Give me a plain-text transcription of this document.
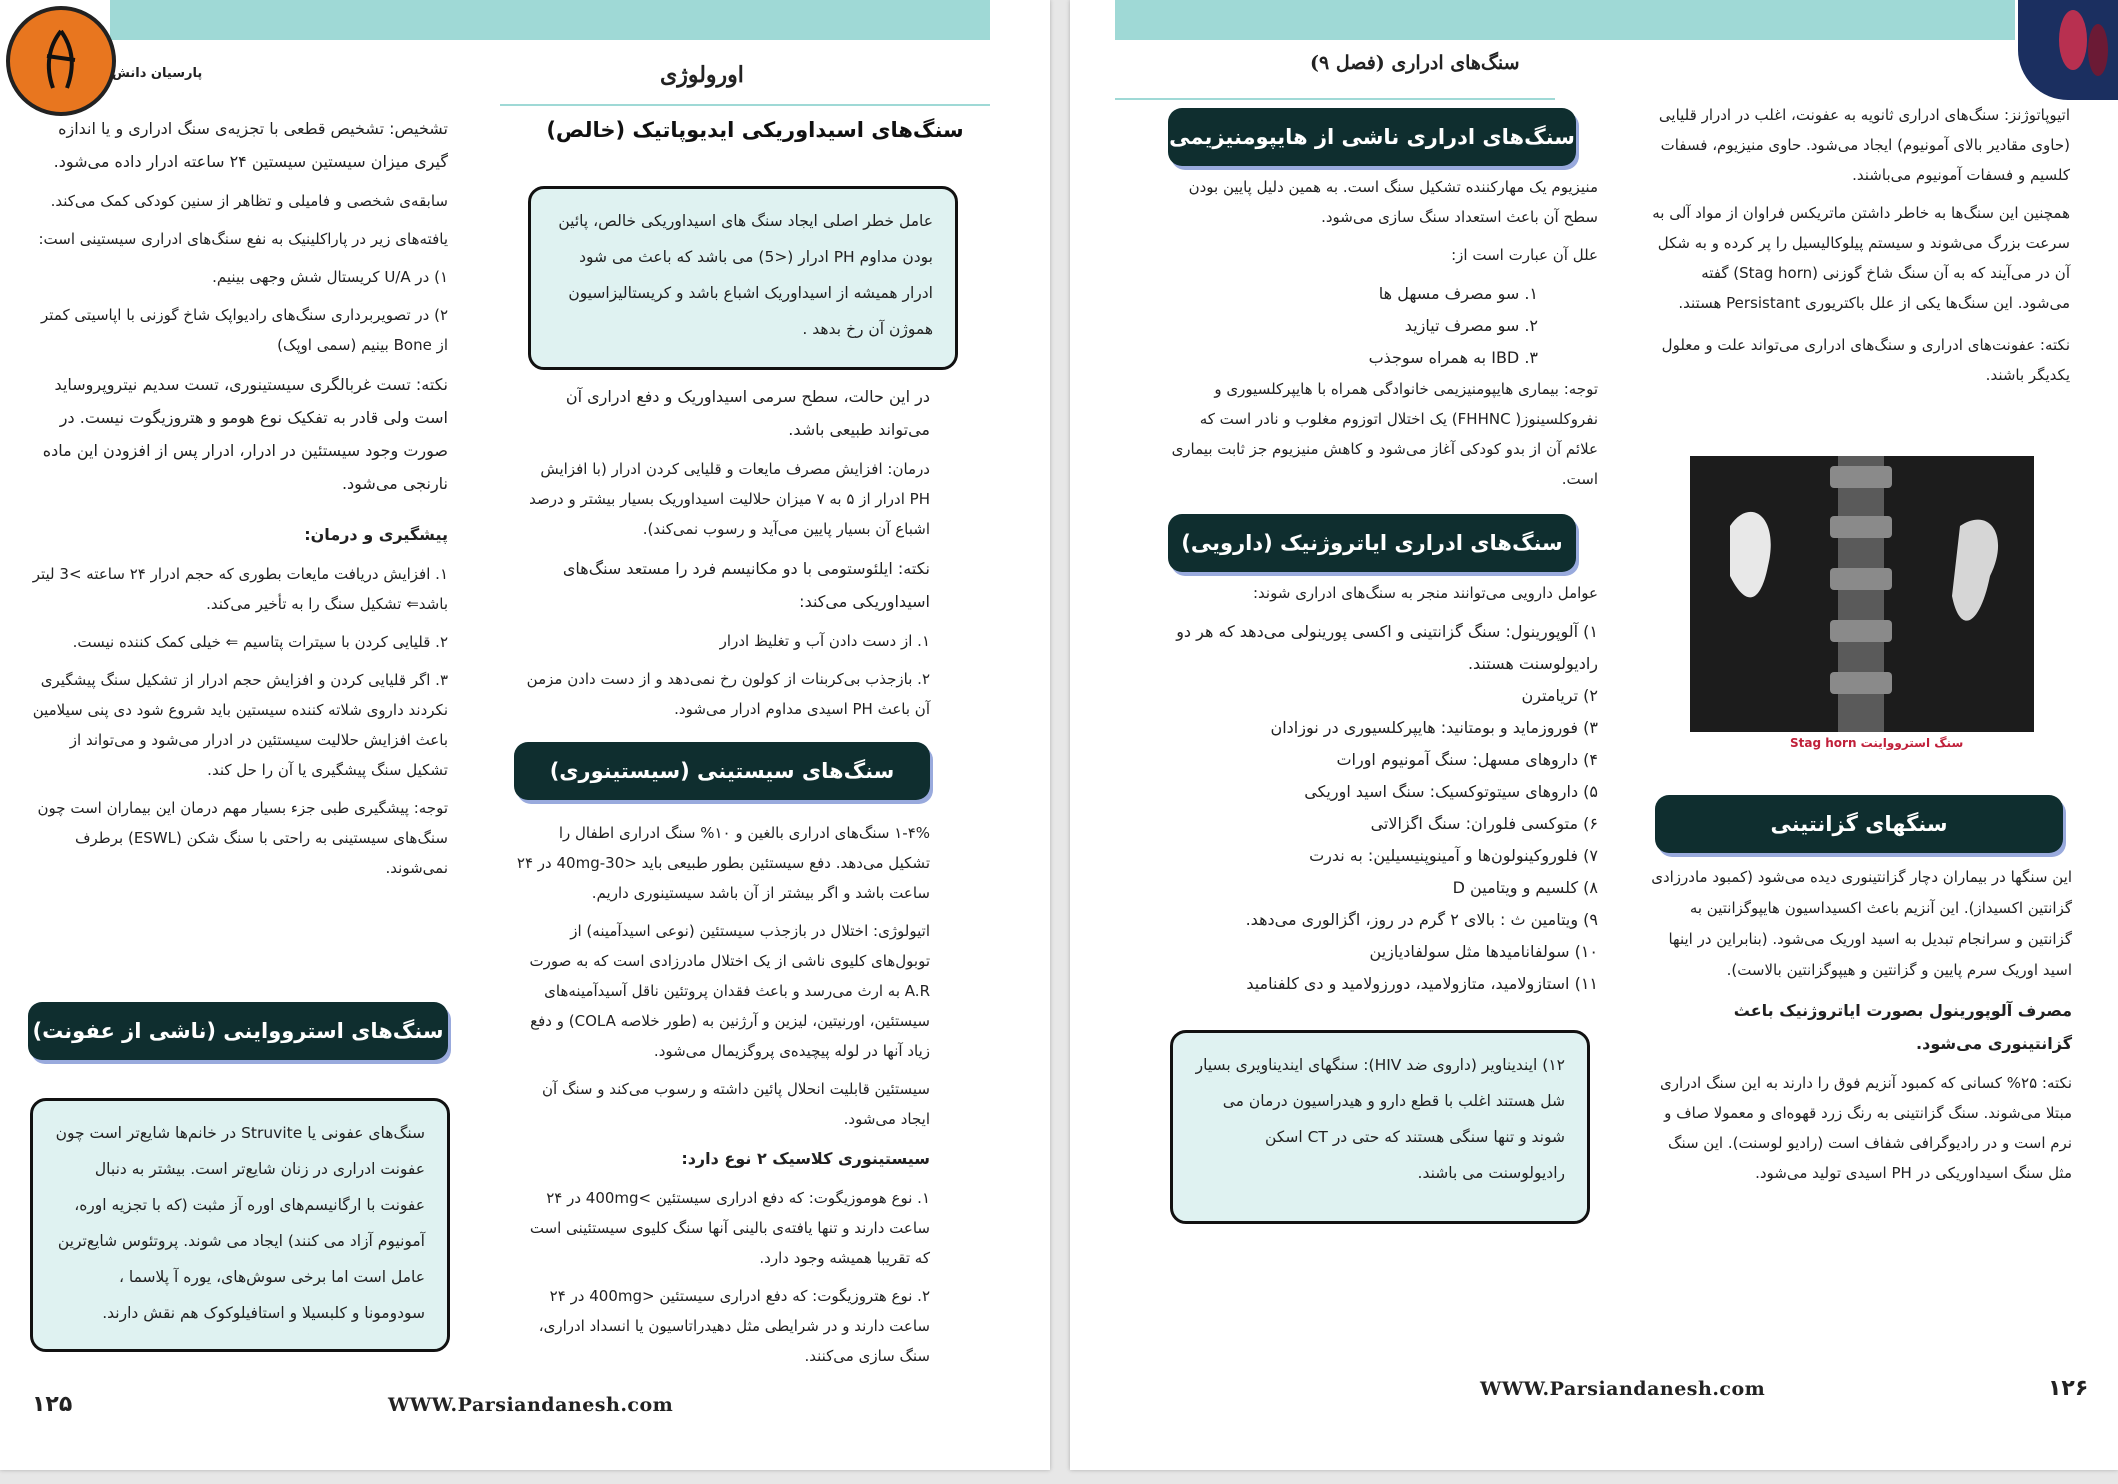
پارسیان دانش	اورولوژی

تشخیص: تشخیص قطعی با تجزیه‌ی سنگ ادراری و یا اندازه گیری میزان سیستین سیستین ۲۴ ساعته ادرار داده می‌شود.

سابقه‌ی شخصی و فامیلی و تظاهر از سنین کودکی کمک می‌کند.

یافته‌های زیر در پاراکلینیک به نفع سنگ‌های ادراری سیستینی است:

۱) در U/A کریستال شش وجهی بینیم.

۲) در تصویربرداری سنگ‌های رادیواپک شاخ گوزنی با اپاسیتی کمتر از Bone بینیم (سمی اوپک)

نکته: تست غربالگری سیستینوری، تست سدیم نیتروپروساید است ولی قادر به تفکیک نوع هومو و هتروزیگوت نیست. در صورت وجود سیستئین در ادرار، ادرار پس از افزودن این ماده نارنجی می‌شود.

پیشگیری و درمان:

۱. افزایش دریافت مایعات بطوری که حجم ادرار ۲۴ ساعته >3 لیتر باشد⇐ تشکیل سنگ را به تأخیر می‌کند.

۲. قلیایی کردن با سیترات پتاسیم ⇐ خیلی کمک کننده نیست.

۳. اگر قلیایی کردن و افزایش حجم ادرار از تشکیل سنگ پیشگیری نکردند داروی شلاته کننده سیستین باید شروع شود دی پنی سیلامین باعث افزایش حلالیت سیستئین در ادرار می‌شود و می‌تواند از تشکیل سنگ پیشگیری یا آن را حل کند.

توجه: پیشگیری طبی جزء بسیار مهم درمان این بیماران است چون سنگ‌های سیستینی به راحتی با سنگ شکن (ESWL) برطرف نمی‌شوند.

سنگ‌های استروواینی (ناشی از عفونت)
سنگ‌های عفونی یا Struvite در خانم‌ها شایع‌تر است چون عفونت ادراری در زنان شایع‌تر است. بیشتر به دنبال عفونت با ارگانیسم‌های اوره آز مثبت (که با تجزیه اوره، آمونیوم آزاد می کنند) ایجاد می شوند. پروتئوس شایع‌ترین عامل است اما برخی سوش‌های، یوره آ پلاسما ، سودومونا و کلبسیلا و استافیلوکوک هم نقش دارند.
سنگ‌های اسیداوریکی ایدیوپاتیک (خالص)
عامل خطر اصلی ایجاد سنگ های اسیداوریکی خالص، پائین بودن مداوم PH ادرار (<5) می باشد که باعث می شود ادرار همیشه از اسیداوریک اشباع باشد و کریستالیزاسیون هموژن آن رخ بدهد .

در این حالت، سطح سرمی اسیداوریک و دفع ادراری آن می‌تواند طبیعی باشد.

درمان: افزایش مصرف مایعات و قلیایی کردن ادرار (با افزایش PH ادرار از ۵ به ۷ میزان حلالیت اسیداوریک بسیار بیشتر و درصد اشباع آن بسیار پایین می‌آید و رسوب نمی‌کند).

نکته: ایلئوستومی با دو مکانیسم فرد را مستعد سنگ‌های اسیداوریکی می‌کند:

۱. از دست دادن آب و تغلیظ ادرار

۲. بازجذب بی‌کربنات از کولون رخ نمی‌دهد و از دست دادن مزمن آن باعث PH اسیدی مداوم ادرار می‌شود.

سنگ‌های سیستینی (سیستینوری)

۴%-۱ سنگ‌های ادراری بالغین و ۱۰% سنگ ادراری اطفال را تشکیل می‌دهد. دفع سیستئین بطور طبیعی باید <30-40mg در ۲۴ ساعت باشد و اگر بیشتر از آن باشد سیستینوری داریم.

اتیولوژی: اختلال در بازجذب سیستئین (نوعی اسیدآمینه) از توبول‌های کلیوی ناشی از یک اختلال مادرزادی است که به صورت A.R به ارث می‌رسد و باعث فقدان پروتئین ناقل آسیدآمینه‌های سیستئین، اورنیتین، لیزین و آرژنین به (طور خلاصه COLA) و دفع زیاد آنها در لوله پیچیده‌ی پروگزیمال می‌شود.

سیستئین قابلیت انحلال پائین داشته و رسوب می‌کند و سنگ آن ایجاد می‌شود.

سیستینوری کلاسیک ۲ نوع دارد:

۱. نوع هوموزیگوت: که دفع ادراری سیستئین >400mg در ۲۴ ساعت دارند و تنها یافته‌ی بالینی آنها سنگ کلیوی سیستئینی است که تقریبا همیشه وجود دارد.

۲. نوع هتروزیگوت: که دفع ادراری سیستئین <400mg در ۲۴ ساعت دارند و در شرایطی مثل دهیدراتاسیون یا انسداد ادراری، سنگ سازی می‌کنند.

۱۲۵	WWW.Parsiandanesh.com
سنگ‌های ادراری (فصل ۹)

اتیوپاتوژنز: سنگ‌های ادراری ثانویه به عفونت، اغلب در ادرار قلیایی (حاوی مقادیر بالای آمونیوم) ایجاد می‌شود. حاوی منیزیوم، فسفات کلسیم و فسفات آمونیوم می‌باشند.

همچنین این سنگ‌ها به خاطر داشتن ماتریکس فراوان از مواد آلی به سرعت بزرگ می‌شوند و سیستم پیلوکالیسیل را پر کرده و به شکل آن در می‌آیند که به آن سنگ شاخ گوزنی (Stag horn) گفته می‌شود. این سنگ‌ها یکی از علل باکتریوری Persistant هستند.

نکته: عفونت‌های ادراری و سنگ‌های ادراری می‌تواند علت و معلول یکدیگر باشند.

سنگ استروواینت Stag horn
سنگهای گزانتینی

این سنگها در بیماران دچار گزانتینوری دیده می‌شود (کمبود مادرزادی گزانتین اکسیداز). این آنزیم باعث اکسیداسیون هایپوگزانتین به گزانتین و سرانجام تبدیل به اسید اوریک می‌شود. (بنابراین در اینها اسید اوریک سرم پایین و گزانتین و هیپوگزانتین بالاست).

مصرف آلوپورینول بصورت ایاتروژنیک باعث گزانتینوری می‌شود.

نکته: ۲۵% کسانی که کمبود آنزیم فوق را دارند به این سنگ ادراری مبتلا می‌شوند. سنگ گزانتینی به رنگ زرد قهوه‌ای و معمولا صاف و نرم است و در رادیوگرافی شفاف است (رادیو لوسنت). این سنگ مثل سنگ اسیداوریکی در PH اسیدی تولید می‌شود.

سنگ‌های ادراری ناشی از هایپومنیزیمی

منیزیوم یک مهارکننده تشکیل سنگ است. به همین دلیل پایین بودن سطح آن باعث استعداد سنگ سازی می‌شود.

علل آن عبارت است از:

۱. سو مصرف مسهل ها
۲. سو مصرف تیازید
۳. IBD به همراه سوجذب

توجه: بیماری هایپومنیزیمی خانوادگی همراه با هایپرکلسیوری و نفروکلسینوز( FHHNC) یک اختلال اتوزوم مغلوب و نادر است که علائم آن از بدو کودکی آغاز می‌شود و کاهش منیزیوم جز ثابت بیماری است.

سنگ‌های ادراری ایاتروژنیک (دارویی)

عوامل دارویی می‌توانند منجر به سنگ‌های ادراری شوند:

۱) آلوپورینول: سنگ گزانتینی و اکسی پورینولی می‌دهد که هر دو رادیولوسنت هستند.
۲) تریامترن
۳) فوروزماید و بومتانید: هایپرکلسیوری در نوزادان
۴) داروهای مسهل: سنگ آمونیوم اورات
۵) داروهای سیتوتوکسیک: سنگ اسید اوریکی
۶) متوکسی فلوران: سنگ اگزالاتی
۷) فلوروکینولون‌ها و آمینوپنیسیلین: به ندرت
۸) کلسیم و ویتامین D
۹) ویتامین ث : بالای ۲ گرم در روز، اگزالوری می‌دهد.
۱۰) سولفانامیدها مثل سولفادیازین
۱۱) استازولامید، متازولامید، دورزولامید و دی کلفنامید
۱۲) ایندیناویر (داروی ضد HIV): سنگهای ایندیناویری بسیار شل هستند اغلب با قطع دارو و هیدراسیون درمان می شوند و تنها سنگی هستند که حتی در CT اسکن رادیولوسنت می باشند.
WWW.Parsiandanesh.com	۱۲۶
